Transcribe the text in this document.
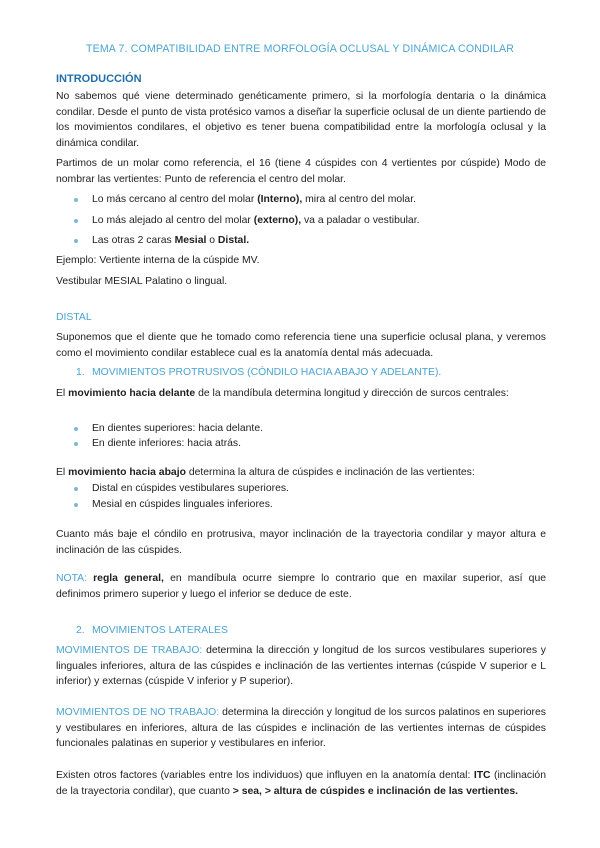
TEMA 7. COMPATIBILIDAD ENTRE MORFOLOGÍA OCLUSAL Y DINÁMICA CONDILAR

INTRODUCCIÓN

No sabemos qué viene determinado genéticamente primero, si la morfología dentaria o la dinámica condilar. Desde el punto de vista protésico vamos a diseñar la superficie oclusal de un diente partiendo de los movimientos condilares, el objetivo es tener buena compatibilidad entre la morfología oclusal y la dinámica condilar.

Partimos de un molar como referencia, el 16 (tiene 4 cúspides con 4 vertientes por cúspide) Modo de nombrar las vertientes: Punto de referencia el centro del molar.

Lo más cercano al centro del molar (Interno), mira al centro del molar.
Lo más alejado al centro del molar (externo), va a paladar o vestibular.
Las otras 2 caras Mesial o Distal.

Ejemplo: Vertiente interna de la cúspide MV.

Vestibular MESIAL Palatino o lingual.

DISTAL

Suponemos que el diente que he tomado como referencia tiene una superficie oclusal plana, y veremos como el movimiento condilar establece cual es la anatomía dental más adecuada.

1. MOVIMIENTOS PROTRUSIVOS (CÓNDILO HACIA ABAJO Y ADELANTE).

El movimiento hacia delante de la mandíbula determina longitud y dirección de surcos centrales:

En dientes superiores: hacia delante.
En diente inferiores: hacia atrás.

El movimiento hacia abajo determina la altura de cúspides e inclinación de las vertientes:

Distal en cúspides vestibulares superiores.
Mesial en cúspides linguales inferiores.

Cuanto más baje el cóndilo en protrusiva, mayor inclinación de la trayectoria condilar y mayor altura e inclinación de las cúspides.

NOTA: regla general, en mandíbula ocurre siempre lo contrario que en maxilar superior, así que definimos primero superior y luego el inferior se deduce de este.

2. MOVIMIENTOS LATERALES

MOVIMIENTOS DE TRABAJO: determina la dirección y longitud de los surcos vestibulares superiores y linguales inferiores, altura de las cúspides e inclinación de las vertientes internas (cúspide V superior e L inferior) y externas (cúspide V inferior y P superior).

MOVIMIENTOS DE NO TRABAJO: determina la dirección y longitud de los surcos palatinos en superiores y vestibulares en inferiores, altura de las cúspides e inclinación de las vertientes internas de cúspides funcionales palatinas en superior y vestibulares en inferior.

Existen otros factores (variables entre los individuos) que influyen en la anatomía dental: ITC (inclinación de la trayectoria condilar), que cuanto > sea, > altura de cúspides e inclinación de las vertientes.
